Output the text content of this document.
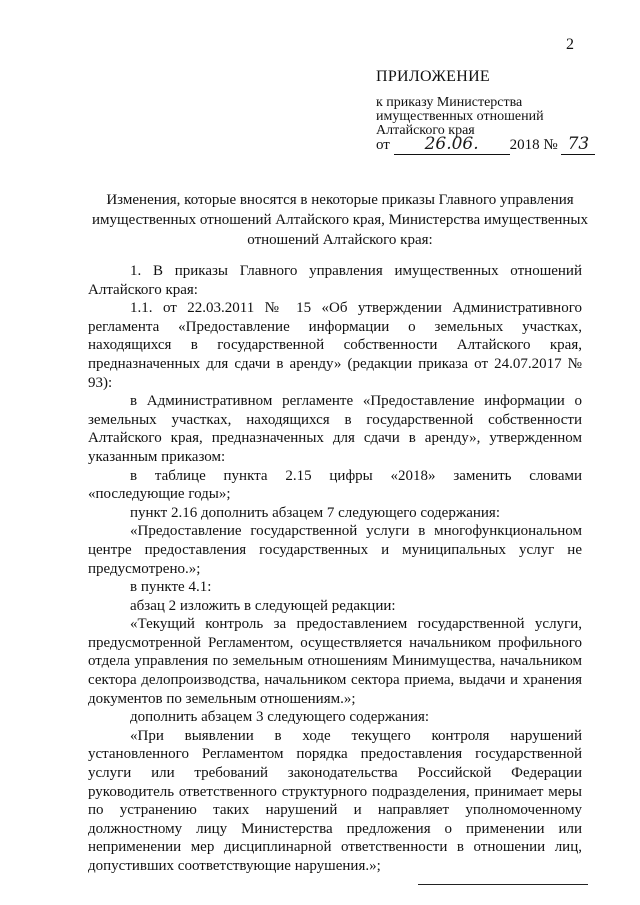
2
ПРИЛОЖЕНИЕ
к приказу Министерства
имущественных отношений
Алтайского края
от 26.06. 2018 № 73
Изменения, которые вносятся в некоторые приказы Главного управления имущественных отношений Алтайского края, Министерства имущественных отношений Алтайского края:
1. В приказы Главного управления имущественных отношений Алтайского края:
1.1. от 22.03.2011 № 15 «Об утверждении Административного регламента «Предоставление информации о земельных участках, находящихся в государственной собственности Алтайского края, предназначенных для сдачи в аренду» (редакции приказа от 24.07.2017 № 93):
в Административном регламенте «Предоставление информации о земельных участках, находящихся в государственной собственности Алтайского края, предназначенных для сдачи в аренду», утвержденном указанным приказом:
в таблице пункта 2.15 цифры «2018» заменить словами «последующие годы»;
пункт 2.16 дополнить абзацем 7 следующего содержания:
«Предоставление государственной услуги в многофункциональном центре предоставления государственных и муниципальных услуг не предусмотрено.»;
в пункте 4.1:
абзац 2 изложить в следующей редакции:
«Текущий контроль за предоставлением государственной услуги, предусмотренной Регламентом, осуществляется начальником профильного отдела управления по земельным отношениям Минимущества, начальником сектора делопроизводства, начальником сектора приема, выдачи и хранения документов по земельным отношениям.»;
дополнить абзацем 3 следующего содержания:
«При выявлении в ходе текущего контроля нарушений установленного Регламентом порядка предоставления государственной услуги или требований законодательства Российской Федерации руководитель ответственного структурного подразделения, принимает меры по устранению таких нарушений и направляет уполномоченному должностному лицу Министерства предложения о применении или неприменении мер дисциплинарной ответственности в отношении лиц, допустивших соответствующие нарушения.»;
